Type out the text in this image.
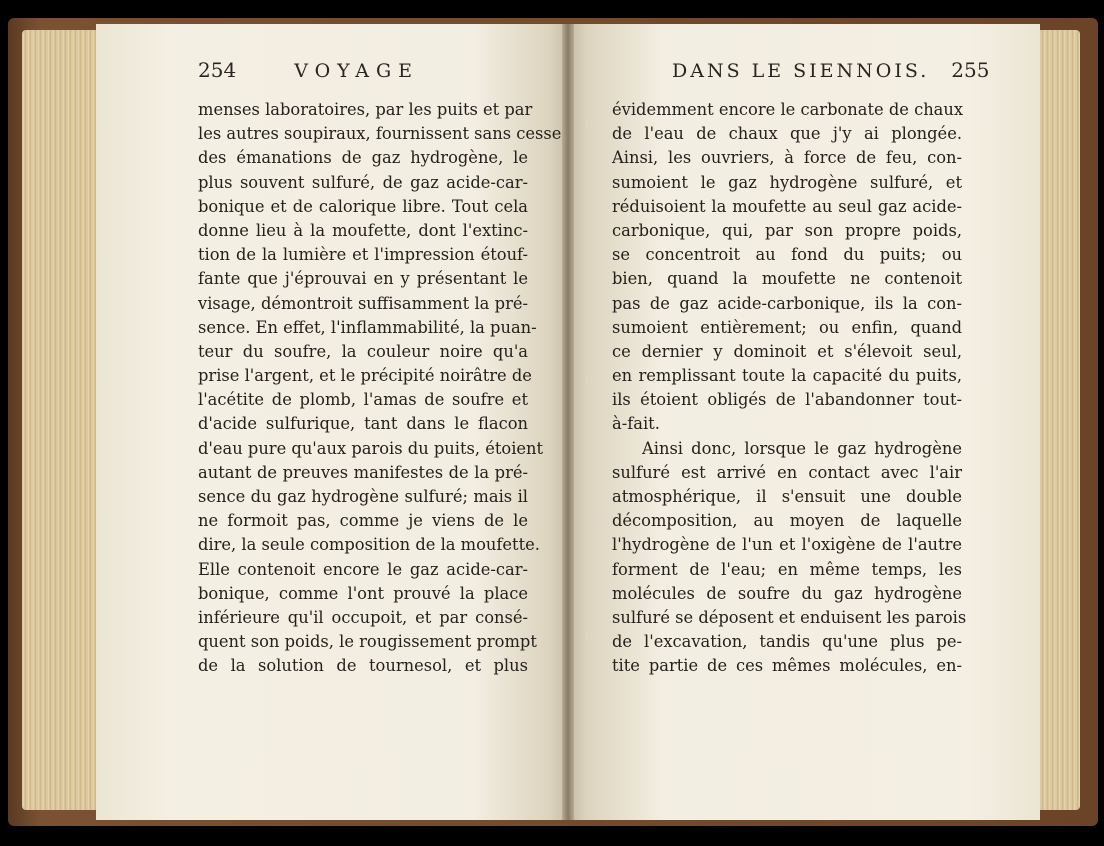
254	VOYAGE	DANS LE SIENNOIS. 255
menses laboratoires, par les puits et par
les autres soupiraux, fournissent sans cesse
des émanations de gaz hydrogène, le
plus souvent sulfuré, de gaz acide-car-
bonique et de calorique libre. Tout cela
donne lieu à la moufette, dont l'extinc-
tion de la lumière et l'impression étouf-
fante que j'éprouvai en y présentant le
visage, démontroit suffisamment la pré-
sence. En effet, l'inflammabilité, la puan-
teur du soufre, la couleur noire qu'a
prise l'argent, et le précipité noirâtre de
l'acétite de plomb, l'amas de soufre et
d'acide sulfurique, tant dans le flacon
d'eau pure qu'aux parois du puits, étoient
autant de preuves manifestes de la pré-
sence du gaz hydrogène sulfuré; mais il
ne formoit pas, comme je viens de le
dire, la seule composition de la moufette.
Elle contenoit encore le gaz acide-car-
bonique, comme l'ont prouvé la place
inférieure qu'il occupoit, et par consé-
quent son poids, le rougissement prompt
de la solution de tournesol, et plus
évidemment encore le carbonate de chaux
de l'eau de chaux que j'y ai plongée.
Ainsi, les ouvriers, à force de feu, con-
sumoient le gaz hydrogène sulfuré, et
réduisoient la moufette au seul gaz acide-
carbonique, qui, par son propre poids,
se concentroit au fond du puits; ou
bien, quand la moufette ne contenoit
pas de gaz acide-carbonique, ils la con-
sumoient entièrement; ou enfin, quand
ce dernier y dominoit et s'élevoit seul,
en remplissant toute la capacité du puits,
ils étoient obligés de l'abandonner tout-
à-fait.
Ainsi donc, lorsque le gaz hydrogène
sulfuré est arrivé en contact avec l'air
atmosphérique, il s'ensuit une double
décomposition, au moyen de laquelle
l'hydrogène de l'un et l'oxigène de l'autre
forment de l'eau; en même temps, les
molécules de soufre du gaz hydrogène
sulfuré se déposent et enduisent les parois
de l'excavation, tandis qu'une plus pe-
tite partie de ces mêmes molécules, en-
